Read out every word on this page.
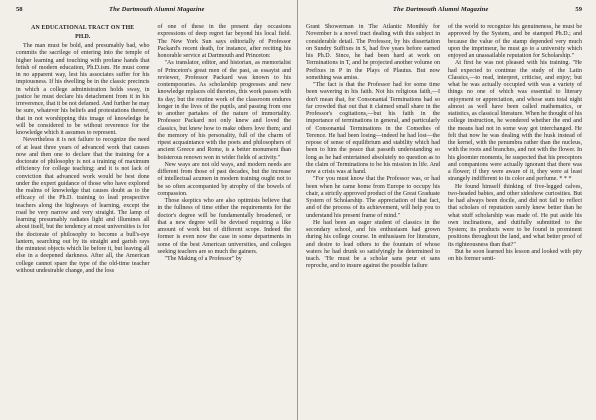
58	The Dartmouth Alumni Magazine
AN EDUCATIONAL TRACT ON THE
PH.D.

The man must be bold, and presumably bad, who commits the sacrilege of entering into the temple of higher learning and touching with profane hands that fetish of modern education, Ph.D.ism. He must come in no apparent way, lest his associates suffer for his impiousness. If his dwelling be in the classic precincts in which a college administration holds sway, in justice he must declare his detachment from it in his irreverence, that it be not defamed. And further he may be sure, whatever his beliefs and protestations thereof, that in not worshipping this image of knowledge he will be considered to be without reverence for the knowledge which it assumes to represent.

Nevertheless it is not failure to recognize the need of at least three years of advanced work that causes now and then one to declare that the training for a doctorate of philosophy is not a training of maximum efficiency for college teaching; and it is not lack of conviction that advanced work would be best done under the expert guidance of those who have explored the realms of knowledge that causes doubt as to the efficacy of the Ph.D. training to lead prospective teachers along the highways of learning, except the road be very narrow and very straight. The lamp of learning presumably radiates light and illumines all about itself, but the tendency at most universities is for the doctorate of philosophy to become a bull's-eye lantern, searching out by its straight and garish rays the minutest objects which lie before it, but leaving all else in a deepened darkness. After all, the American college cannot spare the type of the old-time teacher without undesirable change, and the loss

of one of these in the present day occasions expressions of deep regret far beyond his local field. The New York Sun says editorially of Professor Packard's recent death, for instance, after reciting his honorable service at Dartmouth and Princeton:

"As translator, editor, and historian, as memorialist of Princeton's great men of the past, as essayist and reviewer, Professor Packard was known to his contemporaries. As scholarship progresses and new knowledge replaces old theories, this work passes with its day; but the routine work of the classroom endures longer in the lives of the pupils, and passing from one to another partakes of the nature of immortality. Professor Packard not only knew and loved the classics, but knew how to make others love them; and the memory of his personality, full of the charm of ripest acquaintance with the poets and philosophers of ancient Greece and Rome, is a better monument than boisterous renown won in wider fields of activity."

New ways are not old ways, and modern needs are different from those of past decades, but the increase of intellectual acumen in modern training ought not to be so often accompanied by atrophy of the bowels of compassion.

Those skeptics who are also optimists believe that in the fullness of time either the requirements for the doctor's degree will be fundamentally broadened, or that a new degree will be devised requiring a like amount of work but of different scope. Indeed the former is even now the case in some departments in some of the best American universities, and colleges seeking teachers are so much the gainers.

"The Making of a Professor" by

The Dartmouth Alumni Magazine	59

Grant Showerman in The Atlantic Monthly for November is a novel tract dealing with this subject in considerable detail. The Professor, by his dissertation on Sundry Suffixes in S, had five years before earned his Ph.D. Since, he had been hard at work on Terminations in T, and he projected another volume on Prefixes in P in the Plays of Plautus. But now something was amiss.

"The fact is that the Professor had for some time been wavering in his faith. Not his religious faith,—I don't mean that, for Consonantal Terminations had so far crowded that out that it claimed small share in the Professor's cogitations,—but his faith in the importance of terminations in general, and particularly of Consonantal Terminations in the Comedies of Terence. He had been losing—indeed he had lost—the repose of sense of equilibrium and stability which had been to him the peace that passeth understanding so long as he had entertained absolutely no question as to the claim of Terminations to be his mission in life. And now a crisis was at hand.

"For you must know that the Professor was, or had been when he came home from Europe to occupy his chair, a strictly approved product of the Great Graduate System of Scholarship. The appreciation of that fact, and of the process of its achievement, will help you to understand his present frame of mind."

He had been an eager student of classics in the secondary school, and his enthusiasm had grown during his college course. In enthusiasm for literature, and desire to lead others to the fountain of whose waters he had drunk so satisfyingly he determined to teach. "He must be a scholar sans peur et sans reproche, and to insure against the possible failure

of the world to recognize his genuineness, he must be approved by the System, and be stamped Ph.D.; and because the value of the stamp depended very much upon the imprimeur, he must go to a university which enjoyed an unassailable reputation for Scholarship."

At first he was not pleased with his training. "He had expected to continue the study of the Latin Classics,—to read, interpret, criticise, and enjoy; but what he was actually occupied with was a variety of things no one of which was essential to literary enjoyment or appreciation, and whose sum total night almost as well have been called mathematics, or statistics, as classical literature. When he thought of his college instruction, he wondered whether the end and the means had not in some way got interchanged. He felt that now he was dealing with the husk instead of the kernel, with the penumbra rather than the nucleus, with the roots and branches, and not with the flower. In his gloomier moments, he suspected that his preceptors and companions were actually ignorant that there was a flower; if they were aware of it, they were at least strangely indifferent to its color and perfume. * * *

He found himself thinking of five-legged calves, two-headed babies, and other sideshow curiosities. But he had always been docile, and did not fail to reflect that scholars of reputation surely knew better than he what stuff scholarship was made of. He put aside his own inclinations, and dutifully submitted to the System; its products were to be found in prominent positions throughout the land, and what better proof of its righteousness than that?"

But he soon learned his lesson and looked with pity on his former senti-
